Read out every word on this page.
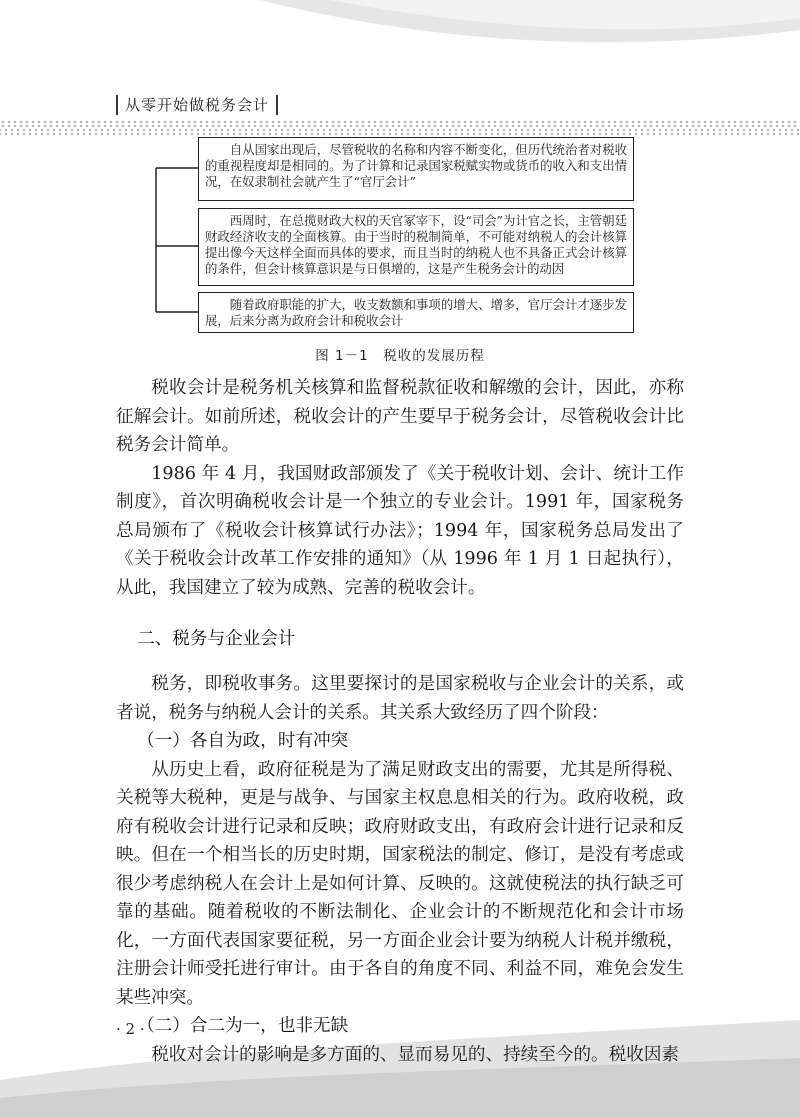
从零开始做税务会计
自从国家出现后，尽管税收的名称和内容不断变化，但历代统治者对税收的重视程度却是相同的。为了计算和记录国家税赋实物或货币的收入和支出情况，在奴隶制社会就产生了“官厅会计”
西周时，在总揽财政大权的天官冢宰下，设“司会”为计官之长，主管朝廷财政经济收支的全面核算。由于当时的税制简单，不可能对纳税人的会计核算提出像今天这样全面而具体的要求，而且当时的纳税人也不具备正式会计核算的条件，但会计核算意识是与日俱增的，这是产生税务会计的动因
随着政府职能的扩大，收支数额和事项的增大、增多，官厅会计才逐步发展，后来分离为政府会计和税收会计
图 1－1　税收的发展历程

税收会计是税务机关核算和监督税款征收和解缴的会计，因此，亦称征解会计。如前所述，税收会计的产生要早于税务会计，尽管税收会计比税务会计简单。

1986 年 4 月，我国财政部颁发了《关于税收计划、会计、统计工作制度》，首次明确税收会计是一个独立的专业会计。1991 年，国家税务总局颁布了《税收会计核算试行办法》；1994 年，国家税务总局发出了《关于税收会计改革工作安排的通知》（从 1996 年 1 月 1 日起执行），从此，我国建立了较为成熟、完善的税收会计。

二、税务与企业会计

税务，即税收事务。这里要探讨的是国家税收与企业会计的关系，或者说，税务与纳税人会计的关系。其关系大致经历了四个阶段：

（一）各自为政，时有冲突

从历史上看，政府征税是为了满足财政支出的需要，尤其是所得税、关税等大税种，更是与战争、与国家主权息息相关的行为。政府收税，政府有税收会计进行记录和反映；政府财政支出，有政府会计进行记录和反映。但在一个相当长的历史时期，国家税法的制定、修订，是没有考虑或很少考虑纳税人在会计上是如何计算、反映的。这就使税法的执行缺乏可靠的基础。随着税收的不断法制化、企业会计的不断规范化和会计市场化，一方面代表国家要征税，另一方面企业会计要为纳税人计税并缴税，注册会计师受托进行审计。由于各自的角度不同、利益不同，难免会发生某些冲突。

（二）合二为一，也非无缺

税收对会计的影响是多方面的、显而易见的、持续至今的。税收因素

· 2 ·
